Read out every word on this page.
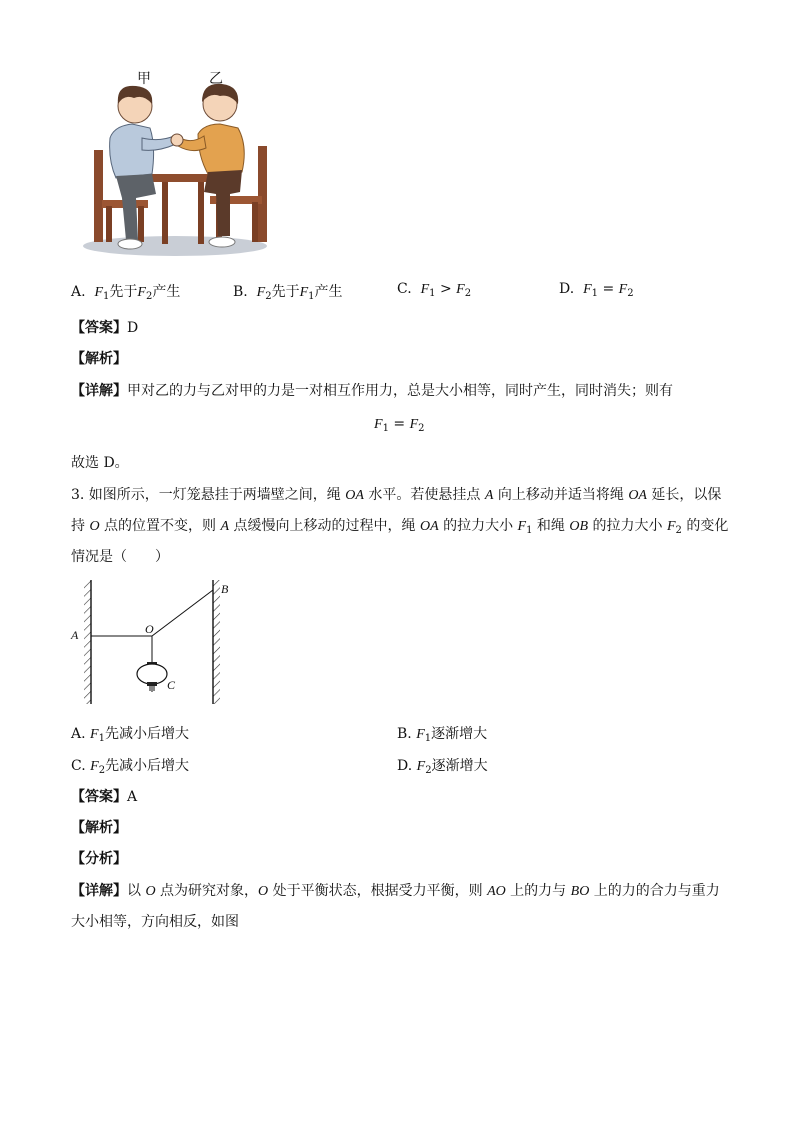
甲	乙
A. $F_1$先于$F_2$产生	B. $F_2$先于$F_1$产生	C. $F_1 > F_2$	D. $F_1 = F_2$
【答案】D
【解析】
【详解】甲对乙的力与乙对甲的力是一对相互作用力，总是大小相等，同时产生，同时消失；则有
$F_1 = F_2$
故选 D。
3. 如图所示，一灯笼悬挂于两墙壁之间，绳 OA 水平。若使悬挂点 A 向上移动并适当将绳 OA 延长，以保
持 O 点的位置不变，则 A 点缓慢向上移动的过程中，绳 OA 的拉力大小 $F_1$ 和绳 OB 的拉力大小 $F_2$ 的变化
情况是（　　）
A
B
O
C
A. $F_1$先减小后增大	B. $F_1$逐渐增大
C. $F_2$先减小后增大	D. $F_2$逐渐增大
【答案】A
【解析】
【分析】
【详解】以 O 点为研究对象，O 处于平衡状态，根据受力平衡，则 AO 上的力与 BO 上的力的合力与重力
大小相等，方向相反，如图
